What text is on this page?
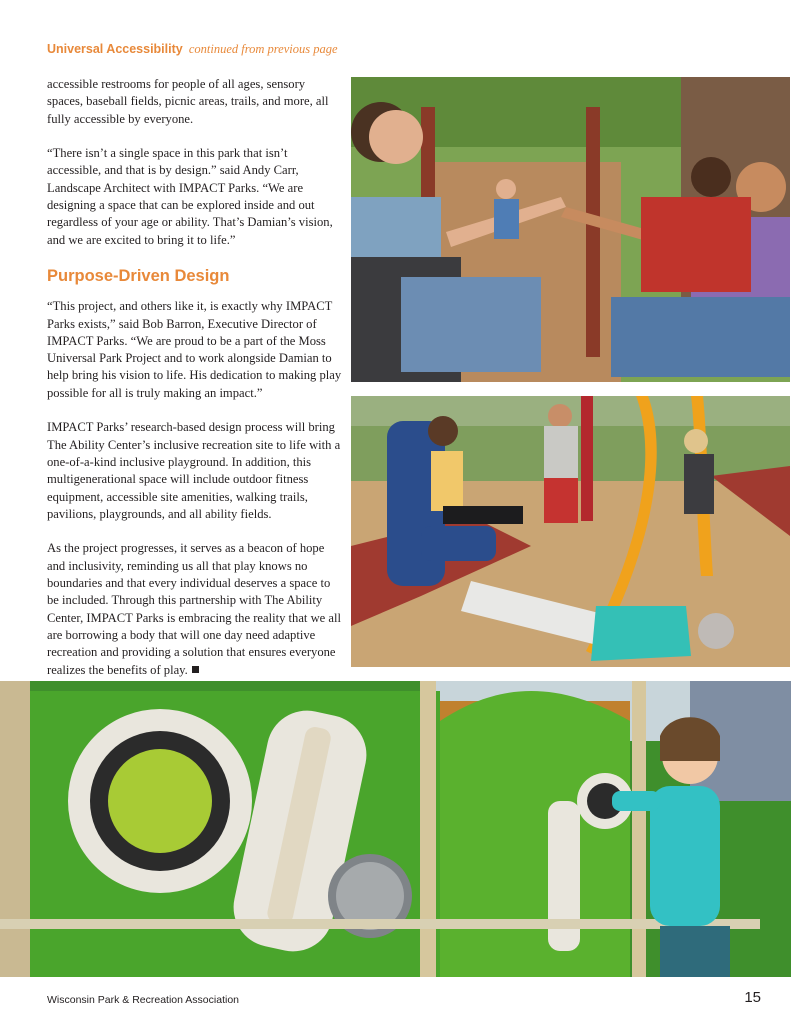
Universal Accessibility continued from previous page

accessible restrooms for people of all ages, sensory spaces, baseball fields, picnic areas, trails, and more, all fully accessible by everyone.

“There isn’t a single space in this park that isn’t accessible, and that is by design.” said Andy Carr, Landscape Architect with IMPACT Parks. “We are designing a space that can be explored inside and out regardless of your age or ability. That’s Damian’s vision, and we are excited to bring it to life.”

Purpose-Driven Design

“This project, and others like it, is exactly why IMPACT Parks exists,” said Bob Barron, Executive Director of IMPACT Parks. “We are proud to be a part of the Moss Universal Park Project and to work alongside Damian to help bring his vision to life. His dedication to making play possible for all is truly making an impact.”

IMPACT Parks’ research-based design process will bring The Ability Center’s inclusive recreation site to life with a one-of-a-kind inclusive playground. In addition, this multigenerational space will include outdoor fitness equipment, accessible site amenities, walking trails, pavilions, playgrounds, and all ability fields.

As the project progresses, it serves as a beacon of hope and inclusivity, reminding us all that play knows no boundaries and that every individual deserves a space to be included. Through this partnership with The Ability Center, IMPACT Parks is embracing the reality that we all are borrowing a body that will one day need adaptive recreation and providing a solution that ensures everyone realizes the benefits of play.

Wisconsin Park & Recreation Association	15
